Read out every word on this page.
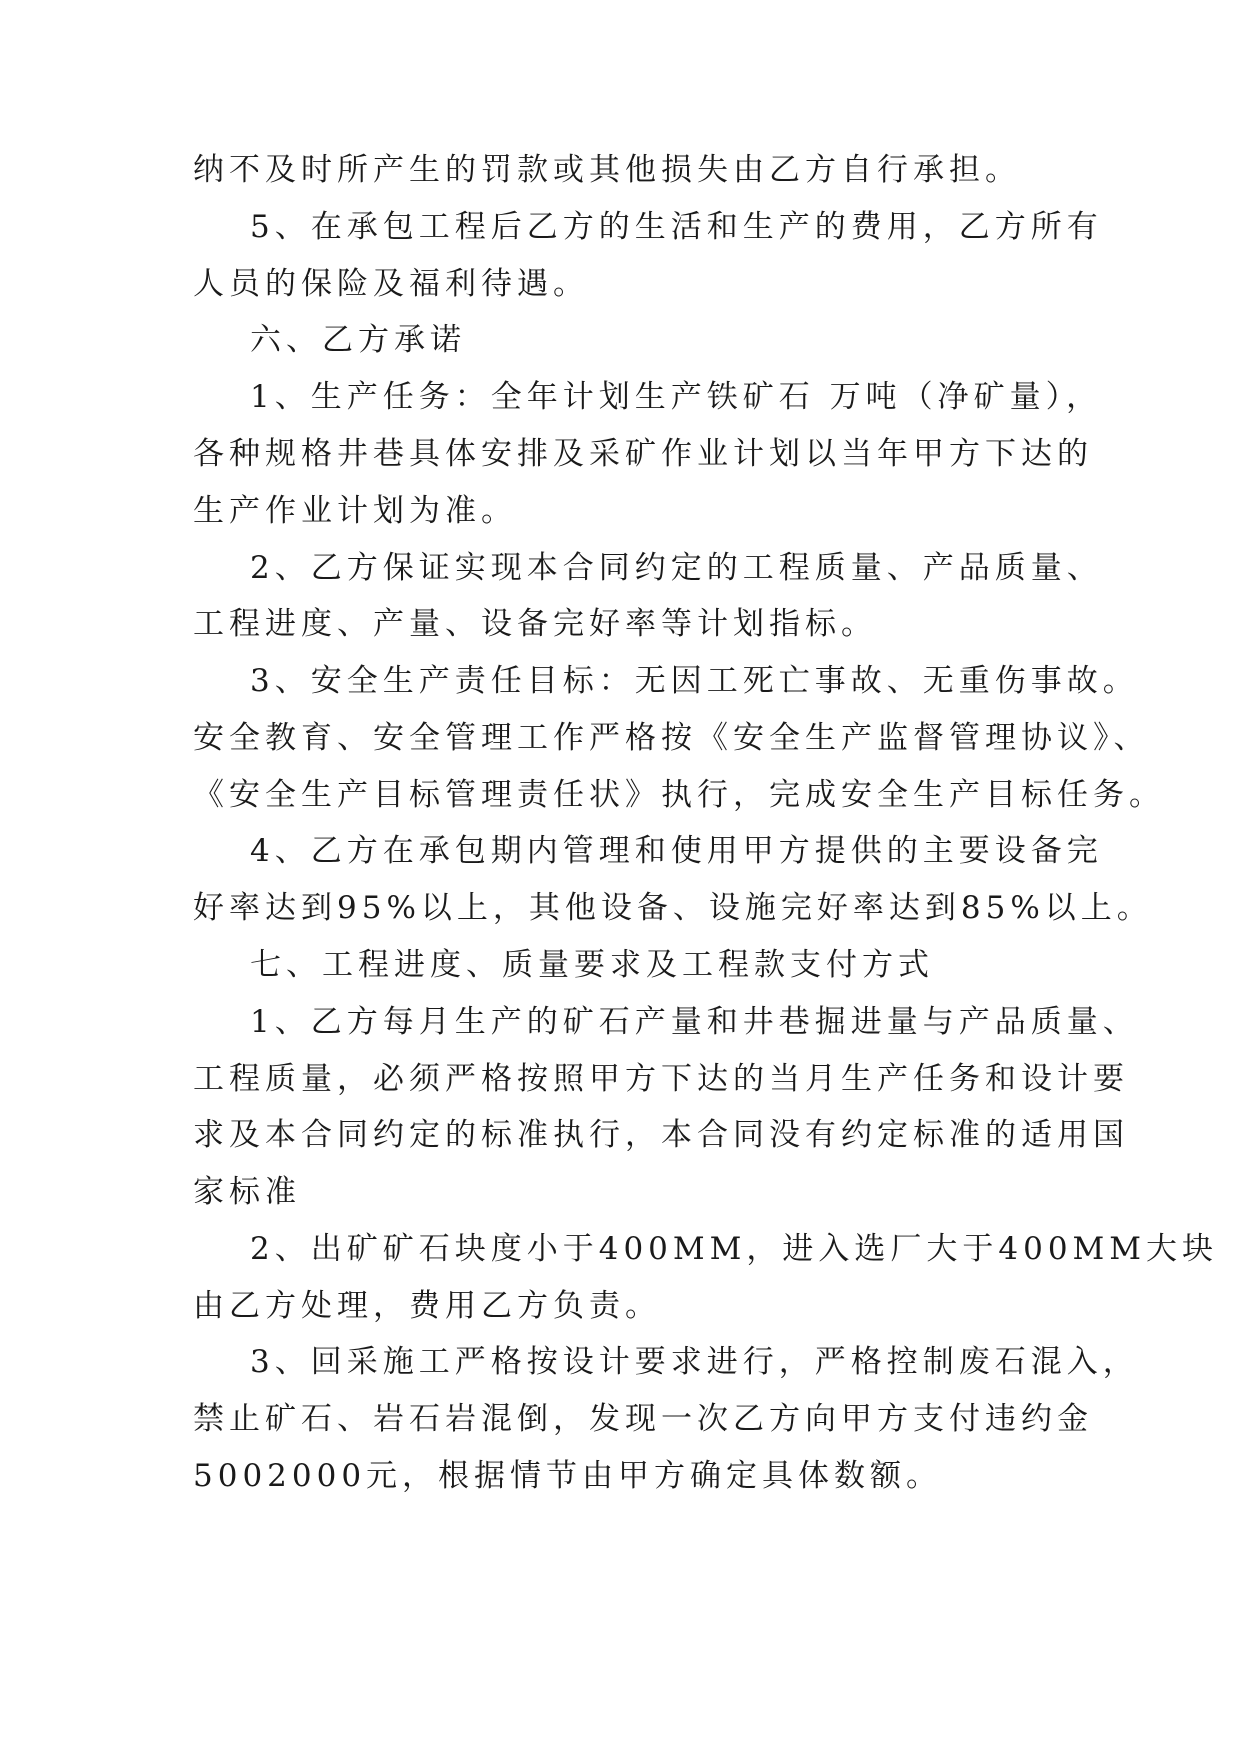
纳不及时所产生的罚款或其他损失由乙方自行承担。

5、在承包工程后乙方的生活和生产的费用，乙方所有

人员的保险及福利待遇。

六、乙方承诺

1、生产任务：全年计划生产铁矿石 万吨（净矿量），

各种规格井巷具体安排及采矿作业计划以当年甲方下达的

生产作业计划为准。

2、乙方保证实现本合同约定的工程质量、产品质量、

工程进度、产量、设备完好率等计划指标。

3、安全生产责任目标：无因工死亡事故、无重伤事故。

安全教育、安全管理工作严格按《安全生产监督管理协议》、

《安全生产目标管理责任状》执行，完成安全生产目标任务。

4、乙方在承包期内管理和使用甲方提供的主要设备完

好率达到95%以上，其他设备、设施完好率达到85%以上。

七、工程进度、质量要求及工程款支付方式

1、乙方每月生产的矿石产量和井巷掘进量与产品质量、

工程质量，必须严格按照甲方下达的当月生产任务和设计要

求及本合同约定的标准执行，本合同没有约定标准的适用国

家标准

2、出矿矿石块度小于400MM，进入选厂大于400MM大块

由乙方处理，费用乙方负责。

3、回采施工严格按设计要求进行，严格控制废石混入，

禁止矿石、岩石岩混倒，发现一次乙方向甲方支付违约金

5002000元，根据情节由甲方确定具体数额。
